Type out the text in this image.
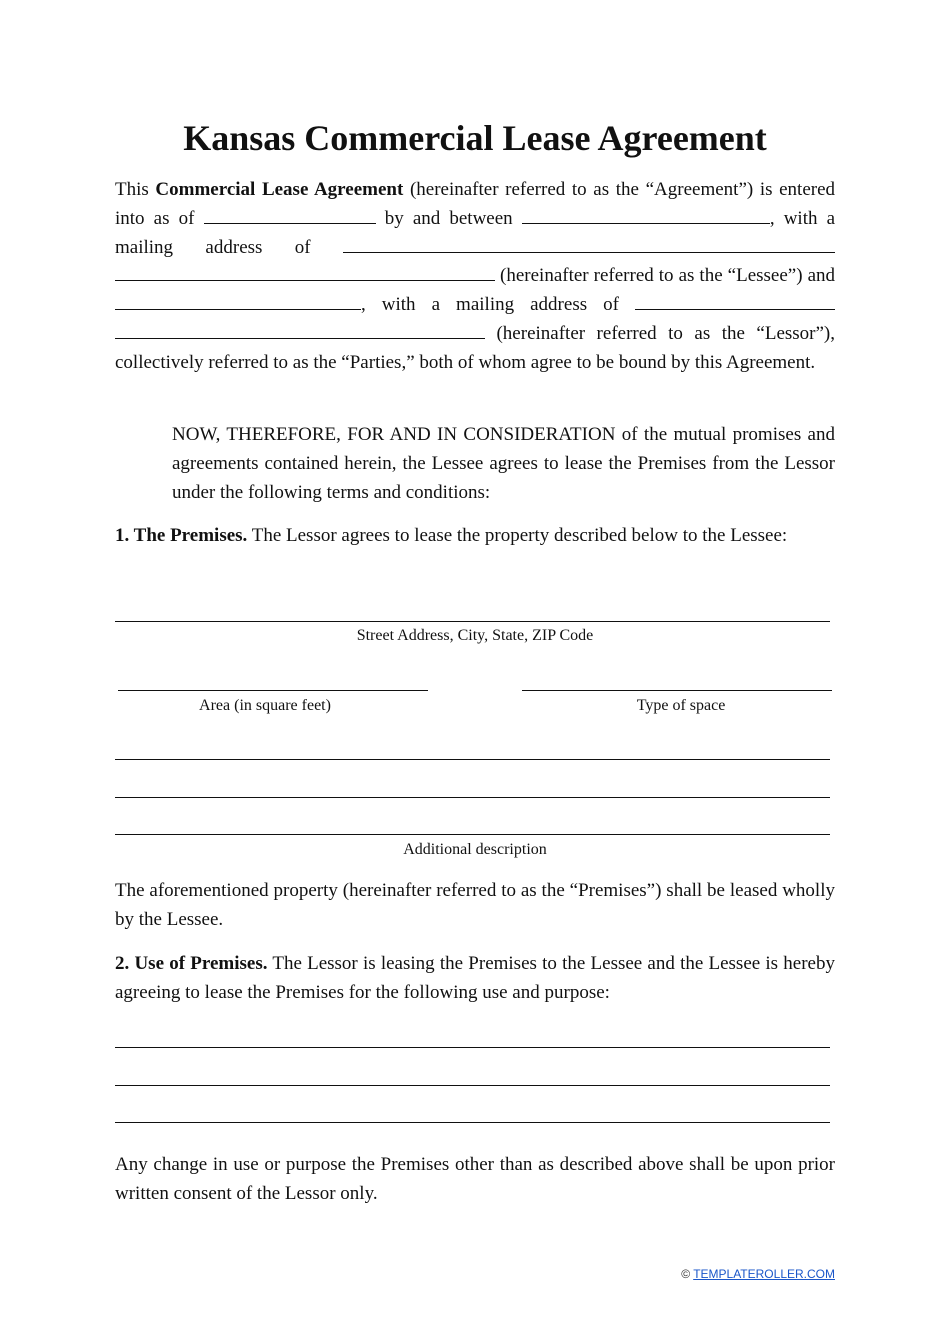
Kansas Commercial Lease Agreement
This Commercial Lease Agreement (hereinafter referred to as the “Agreement”) is entered into as of	by and between	, with a mailing address of   (hereinafter referred to as the “Lessee”) and , with a mailing address of   (hereinafter referred to as the “Lessor”), collectively referred to as the “Parties,” both of whom agree to be bound by this Agreement.
NOW, THEREFORE, FOR AND IN CONSIDERATION of the mutual promises and agreements contained herein, the Lessee agrees to lease the Premises from the Lessor under the following terms and conditions:
1. The Premises. The Lessor agrees to lease the property described below to the Lessee:
Street Address, City, State, ZIP Code
Area (in square feet)	Type of space
Additional description
The aforementioned property (hereinafter referred to as the “Premises”) shall be leased wholly by the Lessee.
2. Use of Premises. The Lessor is leasing the Premises to the Lessee and the Lessee is hereby agreeing to lease the Premises for the following use and purpose:
Any change in use or purpose the Premises other than as described above shall be upon prior written consent of the Lessor only.
© TEMPLATEROLLER.COM
